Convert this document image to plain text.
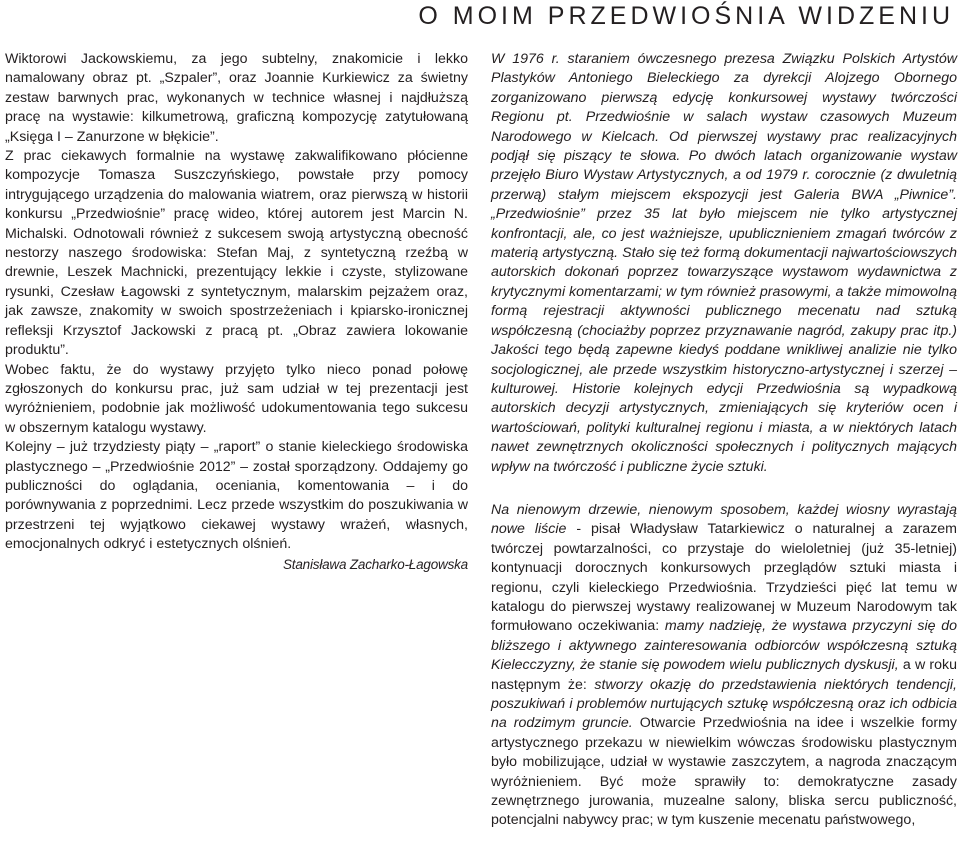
O MOIM PRZEDWIOŚNIA WIDZENIU

Wiktorowi Jackowskiemu, za jego subtelny, znakomicie i lekko namalowany obraz pt. „Szpaler”, oraz Joannie Kurkiewicz za świetny zestaw barwnych prac, wykonanych w technice własnej i najdłuższą pracę na wystawie: kilkumetrową, graficzną kompozycję zatytułowaną „Księga I – Zanurzone w błękicie”.

Z prac ciekawych formalnie na wystawę zakwalifikowano płócienne kompozycje Tomasza Suszczyńskiego, powstałe przy pomocy intrygującego urządzenia do malowania wiatrem, oraz pierwszą w historii konkursu „Przedwiośnie” pracę wideo, której autorem jest Marcin N. Michalski. Odnotowali również z sukcesem swoją artystyczną obecność nestorzy naszego środowiska: Stefan Maj, z syntetyczną rzeźbą w drewnie, Leszek Machnicki, prezentujący lekkie i czyste, stylizowane rysunki, Czesław Łagowski z syntetycznym, malarskim pejzażem oraz, jak zawsze, znakomity w swoich spostrzeżeniach i kpiarsko-ironicznej refleksji Krzysztof Jackowski z pracą pt. „Obraz zawiera lokowanie produktu”.

Wobec faktu, że do wystawy przyjęto tylko nieco ponad połowę zgłoszonych do konkursu prac, już sam udział w tej prezentacji jest wyróżnieniem, podobnie jak możliwość udokumentowania tego sukcesu w obszernym katalogu wystawy.

Kolejny – już trzydziesty piąty – „raport” o stanie kieleckiego środowiska plastycznego – „Przedwiośnie 2012” – został sporządzony. Oddajemy go publiczności do oglądania, oceniania, komentowania – i do porównywania z poprzednimi. Lecz przede wszystkim do poszukiwania w przestrzeni tej wyjątkowo ciekawej wystawy wrażeń, własnych, emocjonalnych odkryć i estetycznych olśnień.

Stanisława Zacharko-Łagowska

W 1976 r. staraniem ówczesnego prezesa Związku Polskich Artystów Plastyków Antoniego Bieleckiego za dyrekcji Alojzego Obornego zorganizowano pierwszą edycję konkursowej wystawy twórczości Regionu pt. Przedwiośnie w salach wystaw czasowych Muzeum Narodowego w Kielcach. Od pierwszej wystawy prac realizacyjnych podjął się piszący te słowa. Po dwóch latach organizowanie wystaw przejęło Biuro Wystaw Artystycznych, a od 1979 r. corocznie (z dwuletnią przerwą) stałym miejscem ekspozycji jest Galeria BWA „Piwnice”. „Przedwiośnie” przez 35 lat było miejscem nie tylko artystycznej konfrontacji, ale, co jest ważniejsze, upublicznieniem zmagań twórców z materią artystyczną. Stało się też formą dokumentacji najwartościowszych autorskich dokonań poprzez towarzyszące wystawom wydawnictwa z krytycznymi komentarzami; w tym również prasowymi, a także mimowolną formą rejestracji aktywności publicznego mecenatu nad sztuką współczesną (chociażby poprzez przyznawanie nagród, zakupy prac itp.) Jakości tego będą zapewne kiedyś poddane wnikliwej analizie nie tylko socjologicznej, ale przede wszystkim historyczno-artystycznej i szerzej – kulturowej. Historie kolejnych edycji Przedwiośnia są wypadkową autorskich decyzji artystycznych, zmieniających się kryteriów ocen i wartościowań, polityki kulturalnej regionu i miasta, a w niektórych latach nawet zewnętrznych okoliczności społecznych i politycznych mających wpływ na twórczość i publiczne życie sztuki.

Na nienowym drzewie, nienowym sposobem, każdej wiosny wyrastają nowe liście - pisał Władysław Tatarkiewicz o naturalnej a zarazem twórczej powtarzalności, co przystaje do wieloletniej (już 35-letniej) kontynuacji dorocznych konkursowych przeglądów sztuki miasta i regionu, czyli kieleckiego Przedwiośnia. Trzydzieści pięć lat temu w katalogu do pierwszej wystawy realizowanej w Muzeum Narodowym tak formułowano oczekiwania: mamy nadzieję, że wystawa przyczyni się do bliższego i aktywnego zainteresowania odbiorców współczesną sztuką Kielecczyzny, że stanie się powodem wielu publicznych dyskusji, a w roku następnym że: stworzy okazję do przedstawienia niektórych tendencji, poszukiwań i problemów nurtujących sztukę współczesną oraz ich odbicia na rodzimym gruncie. Otwarcie Przedwiośnia na idee i wszelkie formy artystycznego przekazu w niewielkim wówczas środowisku plastycznym było mobilizujące, udział w wystawie zaszczytem, a nagroda znaczącym wyróżnieniem. Być może sprawiły to: demokratyczne zasady zewnętrznego jurowania, muzealne salony, bliska sercu publiczność, potencjalni nabywcy prac; w tym kuszenie mecenatu państwowego,
